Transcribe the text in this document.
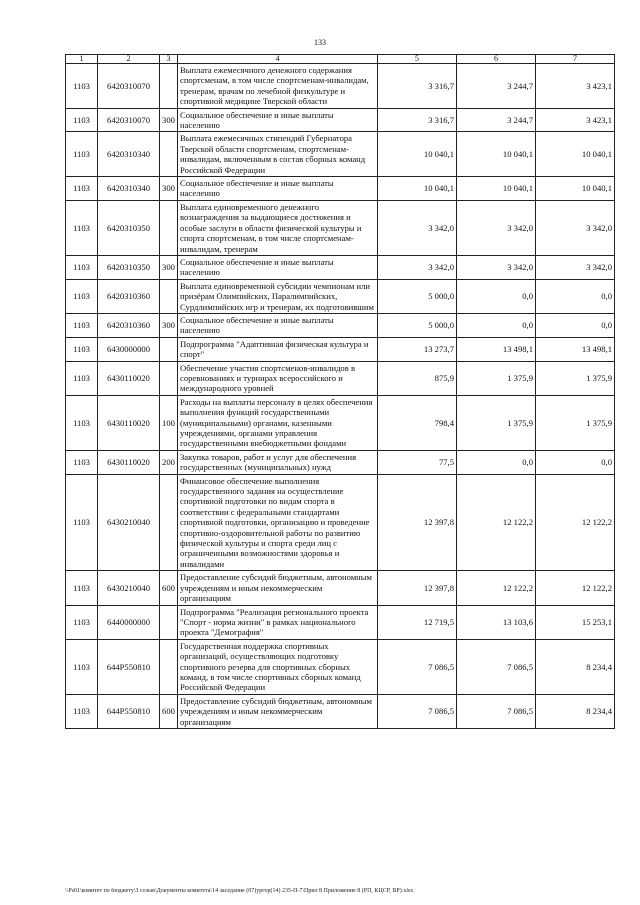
133
1	2	3	4	5	6	7
1103	6420310070		Выплата ежемесячного денежного содержания спортсменам, в том числе спортсменам-инвалидам, тренерам, врачам по лечебной физкультуре и спортивной медицине Тверской области	3 316,7	3 244,7	3 423,1
1103	6420310070	300	Социальное обеспечение и иные выплаты населению	3 316,7	3 244,7	3 423,1
1103	6420310340		Выплата ежемесячных стипендий Губернатора Тверской области спортсменам, спортсменам-инвалидам, включенным в состав сборных команд Российской Федерации	10 040,1	10 040,1	10 040,1
1103	6420310340	300	Социальное обеспечение и иные выплаты населению	10 040,1	10 040,1	10 040,1
1103	6420310350		Выплата единовременного денежного вознаграждения за выдающиеся достижения и особые заслуги в области физической культуры и спорта спортсменам, в том числе спортсменам-инвалидам, тренерам	3 342,0	3 342,0	3 342,0
1103	6420310350	300	Социальное обеспечение и иные выплаты населению	3 342,0	3 342,0	3 342,0
1103	6420310360		Выплата единовременной субсидии чемпионам или призёрам Олимпийских, Паралимпийских, Сурдлимпийских игр и тренерам, их подготовившим	5 000,0	0,0	0,0
1103	6420310360	300	Социальное обеспечение и иные выплаты населению	5 000,0	0,0	0,0
1103	6430000000		Подпрограмма "Адаптивная физическая культура и спорт"	13 273,7	13 498,1	13 498,1
1103	6430110020		Обеспечение участия спортсменов-инвалидов в соревнованиях и турнирах всероссийского и международного уровней	875,9	1 375,9	1 375,9
1103	6430110020	100	Расходы на выплаты персоналу в целях обеспечения выполнения функций государственными (муниципальными) органами, казенными учреждениями, органами управления государственными внебюджетными фондами	798,4	1 375,9	1 375,9
1103	6430110020	200	Закупка товаров, работ и услуг для обеспечения государственных (муниципальных) нужд	77,5	0,0	0,0
1103	6430210040		Финансовое обеспечение выполнения государственного задания на осуществление спортивной подготовки по видам спорта в соответствии с федеральными стандартами спортивной подготовки, организацию и проведение спортивно-оздоровительной работы по развитию физической культуры и спорта среди лиц с ограниченными возможностями здоровья и инвалидами	12 397,8	12 122,2	12 122,2
1103	6430210040	600	Предоставление субсидий бюджетным, автономным учреждениям и иным некоммерческим организациям	12 397,8	12 122,2	12 122,2
1103	6440000000		Подпрограмма "Реализация регионального проекта "Спорт - норма жизни" в рамках национального проекта "Демография"	12 719,5	13 103,6	15 253,1
1103	644P550810		Государственная поддержка спортивных организаций, осуществляющих подготовку спортивного резерва для спортивных сборных команд, в том числе спортивных сборных команд Российской Федерации	7 086,5	7 086,5	8 234,4
1103	644P550810	600	Предоставление субсидий бюджетным, автономным учреждениям и иным некоммерческим организациям	7 086,5	7 086,5	8 234,4
\\Ps01\комитет по бюджету\3 созыв\Документы комитета\14 заседание (07)ургор(14) 235-П-7\Прил 8 Приложение 8 (РП, КЦСР, ВР).xlsx
